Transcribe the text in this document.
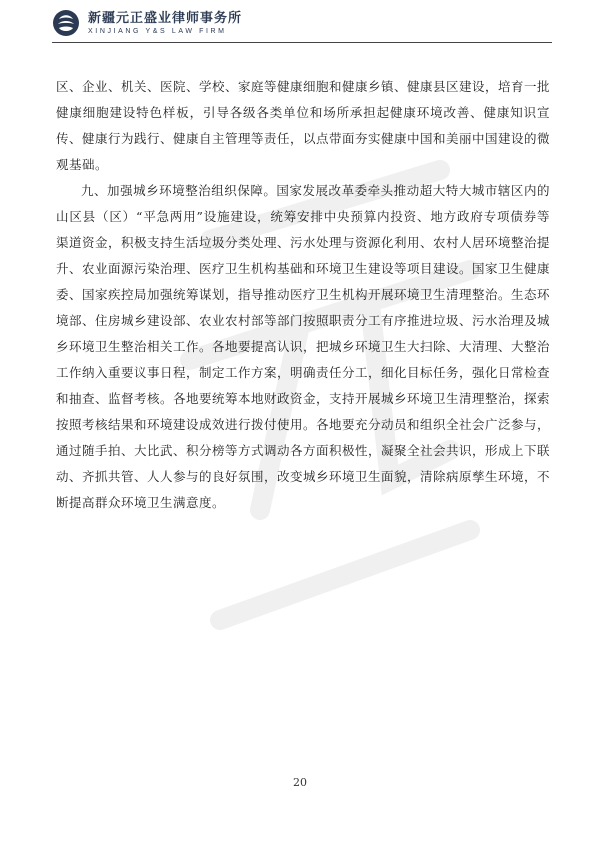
新疆元正盛业律师事务所
XINJIANG Y&S LAW FIRM

区、企业、机关、医院、学校、家庭等健康细胞和健康乡镇、健康县区建设，培育一批健康细胞建设特色样板，引导各级各类单位和场所承担起健康环境改善、健康知识宣传、健康行为践行、健康自主管理等责任，以点带面夯实健康中国和美丽中国建设的微观基础。

九、加强城乡环境整治组织保障。国家发展改革委牵头推动超大特大城市辖区内的山区县（区）“平急两用”设施建设，统筹安排中央预算内投资、地方政府专项债券等渠道资金，积极支持生活垃圾分类处理、污水处理与资源化利用、农村人居环境整治提升、农业面源污染治理、医疗卫生机构基础和环境卫生建设等项目建设。国家卫生健康委、国家疾控局加强统筹谋划，指导推动医疗卫生机构开展环境卫生清理整治。生态环境部、住房城乡建设部、农业农村部等部门按照职责分工有序推进垃圾、污水治理及城乡环境卫生整治相关工作。各地要提高认识，把城乡环境卫生大扫除、大清理、大整治工作纳入重要议事日程，制定工作方案，明确责任分工，细化目标任务，强化日常检查和抽查、监督考核。各地要统筹本地财政资金，支持开展城乡环境卫生清理整治，探索按照考核结果和环境建设成效进行拨付使用。各地要充分动员和组织全社会广泛参与，通过随手拍、大比武、积分榜等方式调动各方面积极性，凝聚全社会共识，形成上下联动、齐抓共管、人人参与的良好氛围，改变城乡环境卫生面貌，清除病原孳生环境，不断提高群众环境卫生满意度。

20
